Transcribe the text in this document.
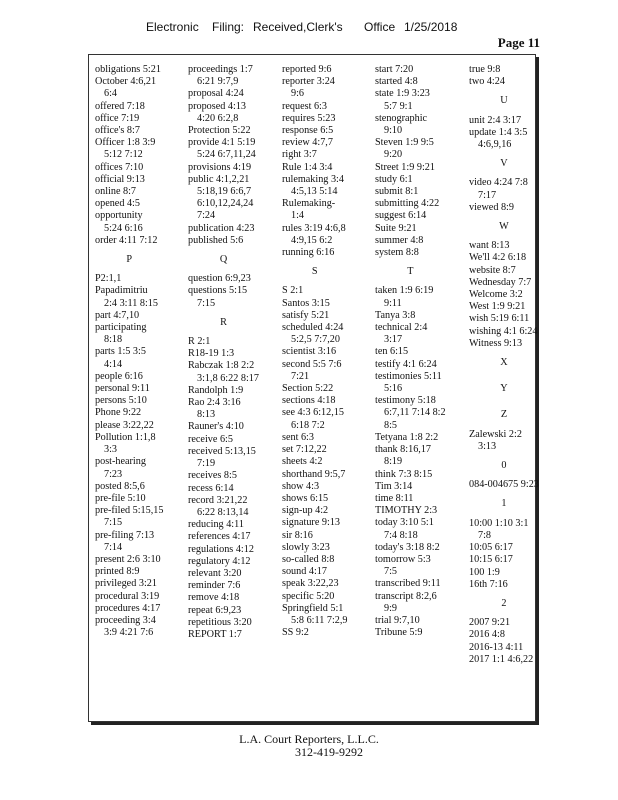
Electronic Filing: Received,Clerk's Office 1/25/2018
Page 11
obligations 5:21
October 4:6,21
6:4
offered 7:18
office 7:19
office's 8:7
Officer 1:8 3:9
5:12 7:12
offices 7:10
official 9:13
online 8:7
opened 4:5
opportunity
5:24 6:16
order 4:11 7:12
P
P2:1,1
Papadimitriu
2:4 3:11 8:15
part 4:7,10
participating
8:18
parts 1:5 3:5
4:14
people 6:16
personal 9:11
persons 5:10
Phone 9:22
please 3:22,22
Pollution 1:1,8
3:3
post-hearing
7:23
posted 8:5,6
pre-file 5:10
pre-filed 5:15,15
7:15
pre-filing 7:13
7:14
present 2:6 3:10
printed 8:9
privileged 3:21
procedural 3:19
procedures 4:17
proceeding 3:4
3:9 4:21 7:6
proceedings 1:7
6:21 9:7,9
proposal 4:24
proposed 4:13
4:20 6:2,8
Protection 5:22
provide 4:1 5:19
5:24 6:7,11,24
provisions 4:19
public 4:1,2,21
5:18,19 6:6,7
6:10,12,24,24
7:24
publication 4:23
published 5:6
Q
question 6:9,23
questions 5:15
7:15
R
R 2:1
R18-19 1:3
Rabczak 1:8 2:2
3:1,8 6:22 8:17
Randolph 1:9
Rao 2:4 3:16
8:13
Rauner's 4:10
receive 6:5
received 5:13,15
7:19
receives 8:5
recess 6:14
record 3:21,22
6:22 8:13,14
reducing 4:11
references 4:17
regulations 4:12
regulatory 4:12
relevant 3:20
reminder 7:6
remove 4:18
repeat 6:9,23
repetitious 3:20
REPORT 1:7
reported 9:6
reporter 3:24
9:6
request 6:3
requires 5:23
response 6:5
review 4:7,7
right 3:7
Rule 1:4 3:4
rulemaking 3:4
4:5,13 5:14
Rulemaking-
1:4
rules 3:19 4:6,8
4:9,15 6:2
running 6:16
S
S 2:1
Santos 3:15
satisfy 5:21
scheduled 4:24
5:2,5 7:7,20
scientist 3:16
second 5:5 7:6
7:21
Section 5:22
sections 4:18
see 4:3 6:12,15
6:18 7:2
sent 6:3
set 7:12,22
sheets 4:2
shorthand 9:5,7
show 4:3
shows 6:15
sign-up 4:2
signature 9:13
sir 8:16
slowly 3:23
so-called 8:8
sound 4:17
speak 3:22,23
specific 5:20
Springfield 5:1
5:8 6:11 7:2,9
SS 9:2
start 7:20
started 4:8
state 1:9 3:23
5:7 9:1
stenographic
9:10
Steven 1:9 9:5
9:20
Street 1:9 9:21
study 6:1
submit 8:1
submitting 4:22
suggest 6:14
Suite 9:21
summer 4:8
system 8:8
T
taken 1:9 6:19
9:11
Tanya 3:8
technical 2:4
3:17
ten 6:15
testify 4:1 6:24
testimonies 5:11
5:16
testimony 5:18
6:7,11 7:14 8:2
8:5
Tetyana 1:8 2:2
thank 8:16,17
8:19
think 7:3 8:15
Tim 3:14
time 8:11
TIMOTHY 2:3
today 3:10 5:1
7:4 8:18
today's 3:18 8:2
tomorrow 5:3
7:5
transcribed 9:11
transcript 8:2,6
9:9
trial 9:7,10
Tribune 5:9
true 9:8
two 4:24
U
unit 2:4 3:17
update 1:4 3:5
4:6,9,16
V
video 4:24 7:8
7:17
viewed 8:9
W
want 8:13
We'll 4:2 6:18
website 8:7
Wednesday 7:7
Welcome 3:2
West 1:9 9:21
wish 5:19 6:11
wishing 4:1 6:24
Witness 9:13
X
Y
Z
Zalewski 2:2
3:13
0
084-004675 9:23
1
10:00 1:10 3:1
7:8
10:05 6:17
10:15 6:17
100 1:9
16th 7:16
2
2007 9:21
2016 4:8
2016-13 4:11
2017 1:1 4:6,22
L.A. Court Reporters, L.L.C.
312-419-9292
